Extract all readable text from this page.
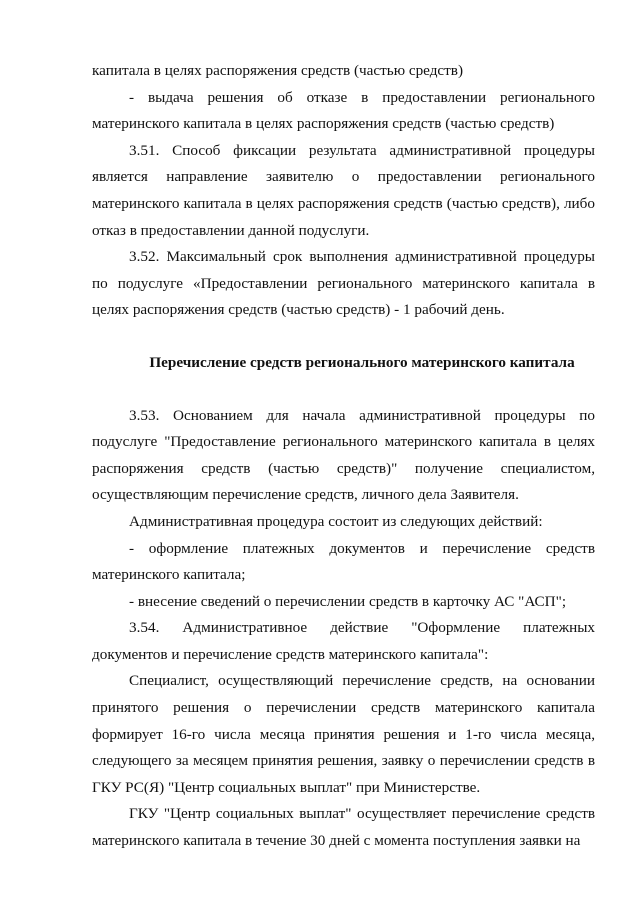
капитала в целях распоряжения средств (частью средств)

- выдача решения об отказе в предоставлении регионального материнского капитала в целях распоряжения средств (частью средств)

3.51. Способ фиксации результата административной процедуры является направление заявителю о предоставлении регионального материнского капитала в целях распоряжения средств (частью средств), либо отказ в предоставлении данной подуслуги.

3.52. Максимальный срок выполнения административной процедуры по подуслуге «Предоставлении регионального материнского капитала в целях распоряжения средств (частью средств) - 1 рабочий день.

Перечисление средств регионального материнского капитала

3.53. Основанием для начала административной процедуры по подуслуге "Предоставление регионального материнского капитала в целях распоряжения средств (частью средств)" получение специалистом, осуществляющим перечисление средств, личного дела Заявителя.

Административная процедура состоит из следующих действий:

- оформление платежных документов и перечисление средств материнского капитала;

- внесение сведений о перечислении средств в карточку АС "АСП";

3.54. Административное действие "Оформление платежных документов и перечисление средств материнского капитала":

Специалист, осуществляющий перечисление средств, на основании принятого решения о перечислении средств материнского капитала формирует 16-го числа месяца принятия решения и 1-го числа месяца, следующего за месяцем принятия решения, заявку о перечислении средств в ГКУ РС(Я) "Центр социальных выплат" при Министерстве.

ГКУ "Центр социальных выплат" осуществляет перечисление средств материнского капитала в течение 30 дней с момента поступления заявки на
